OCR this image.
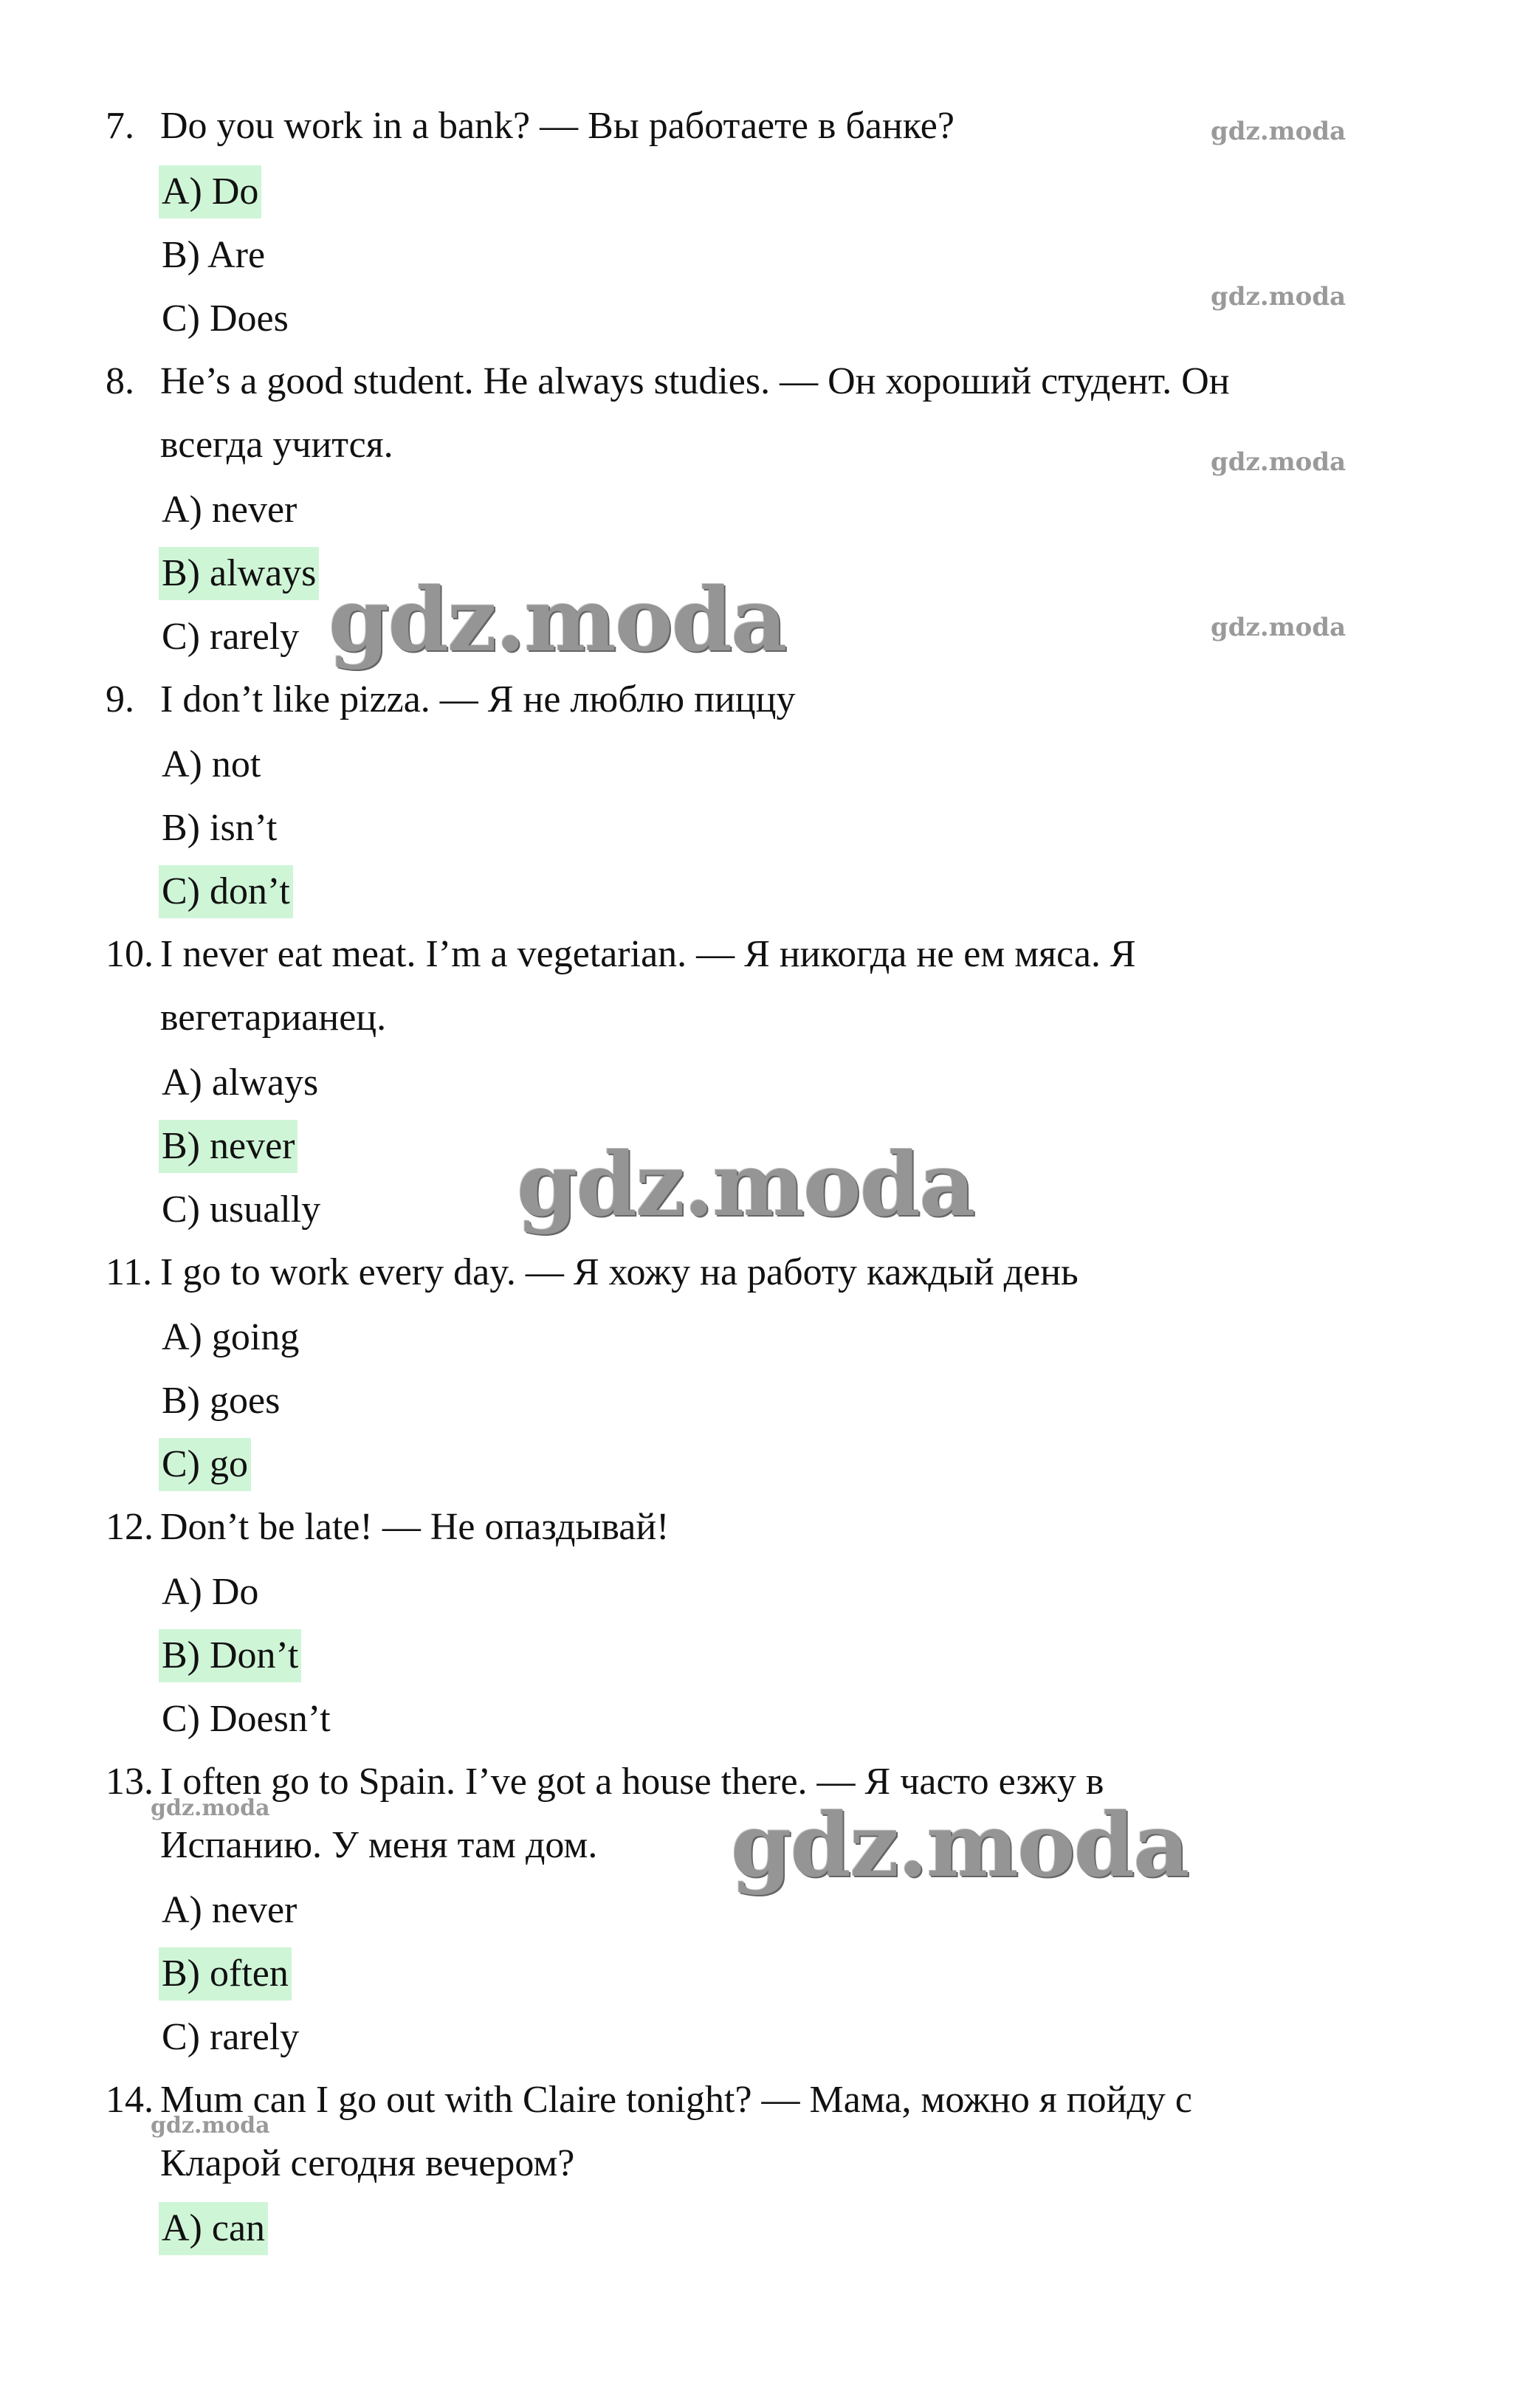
7. Do you work in a bank? — Вы работаете в банке?
A) Do
B) Are
C) Does
8. He’s a good student. He always studies. — Он хороший студент. Он
всегда учится.
A) never
B) always
C) rarely
9. I don’t like pizza. — Я не люблю пиццу
A) not
B) isn’t
C) don’t
10. I never eat meat. I’m a vegetarian. — Я никогда не ем мяса. Я
вегетарианец.
A) always
B) never
C) usually
11. I go to work every day. — Я хожу на работу каждый день
A) going
B) goes
C) go
12. Don’t be late! — Не опаздывай!
A) Do
B) Don’t
C) Doesn’t
13. I often go to Spain. I’ve got a house there. — Я часто езжу в
Испанию. У меня там дом.
A) never
B) often
C) rarely
14. Mum can I go out with Claire tonight? — Мама, можно я пойду с
Кларой сегодня вечером?
A) can
gdz.moda
gdz.moda
gdz.moda
gdz.moda
gdz.moda
gdz.moda
gdz.moda
gdz.moda
gdz.moda
